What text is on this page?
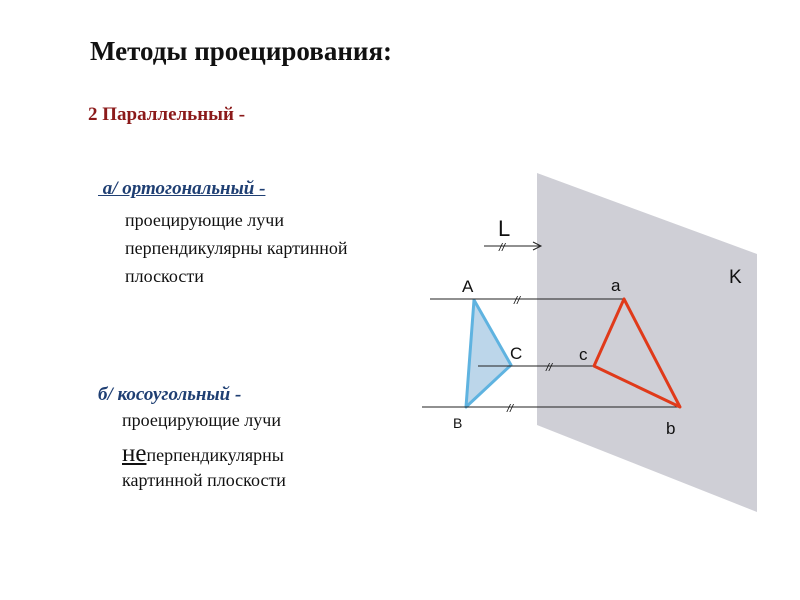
Методы проецирования:
2 Параллельный -
а/ ортогональный -
проецирующие лучи
перпендикулярны картинной
плоскости
б/ косоугольный -
проецирующие лучи
неперпендикулярны
картинной плоскости
//
L
//
//
//
A
C
B
a
c
b
K
